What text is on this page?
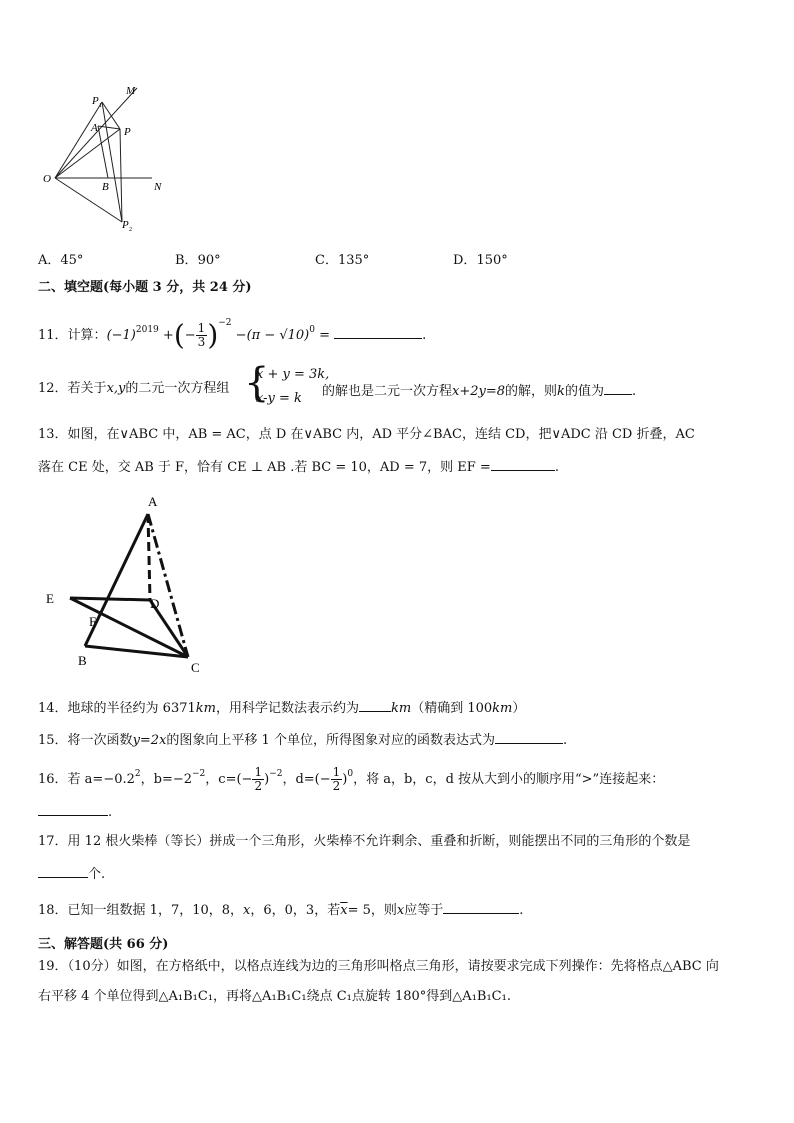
M
P 1
A P
O
B	N
P 2
A．45°	B．90°	C．135°	D．150°
二、填空题(每小题 3 分，共 24 分)
11．计算：$(-1)^{2019}$ +(− $\frac{1}{3} )^{-2} -(\pi - √10)^0$ =	.
12．若关于x,y的二元一次方程组 {
x + y = 3k,
x-y = k 的解也是二元一次方程x+2y=8的解，则k的值为 .
13．如图，在∨ABC 中，AB = AC，点 D 在∨ABC 内，AD 平分∠BAC，连结 CD，把∨ADC 沿 CD 折叠，AC
落在 CE 处，交 AB 于 F，恰有 CE ⊥ AB .若 BC = 10，AD = 7，则 EF =	.
A
D
E
F
B	C
14．地球的半径约为 6371km，用科学记数法表示约为 km（精确到 100km）
15．将一次函数y=2x的图象向上平移 1 个单位，所得图象对应的函数表达式为	.
16．若 $a=-0.2^2$，$b=-2^{-2}$，$c=(- \frac{1}{2} )^{-2}$，$d=(- \frac{1}{2} )^0$，将 a，b，c，d 按从大到小的顺序用“>”连接起来：
.
17．用 12 根火柴棒（等长）拼成一个三角形，火柴棒不允许剩余、重叠和折断，则能摆出不同的三角形的个数是
个.
18．已知一组数据 1，7，10，8，x，6，0，3，若$\overline{x}= 5$，则x应等于	.
三、解答题(共 66 分)
19．（10分）如图，在方格纸中，以格点连线为边的三角形叫格点三角形，请按要求完成下列操作：先将格点△ABC 向
右平移 4 个单位得到△A₁B₁C₁，再将△A₁B₁C₁绕点 C₁点旋转 180°得到△A₁B₁C₁.
